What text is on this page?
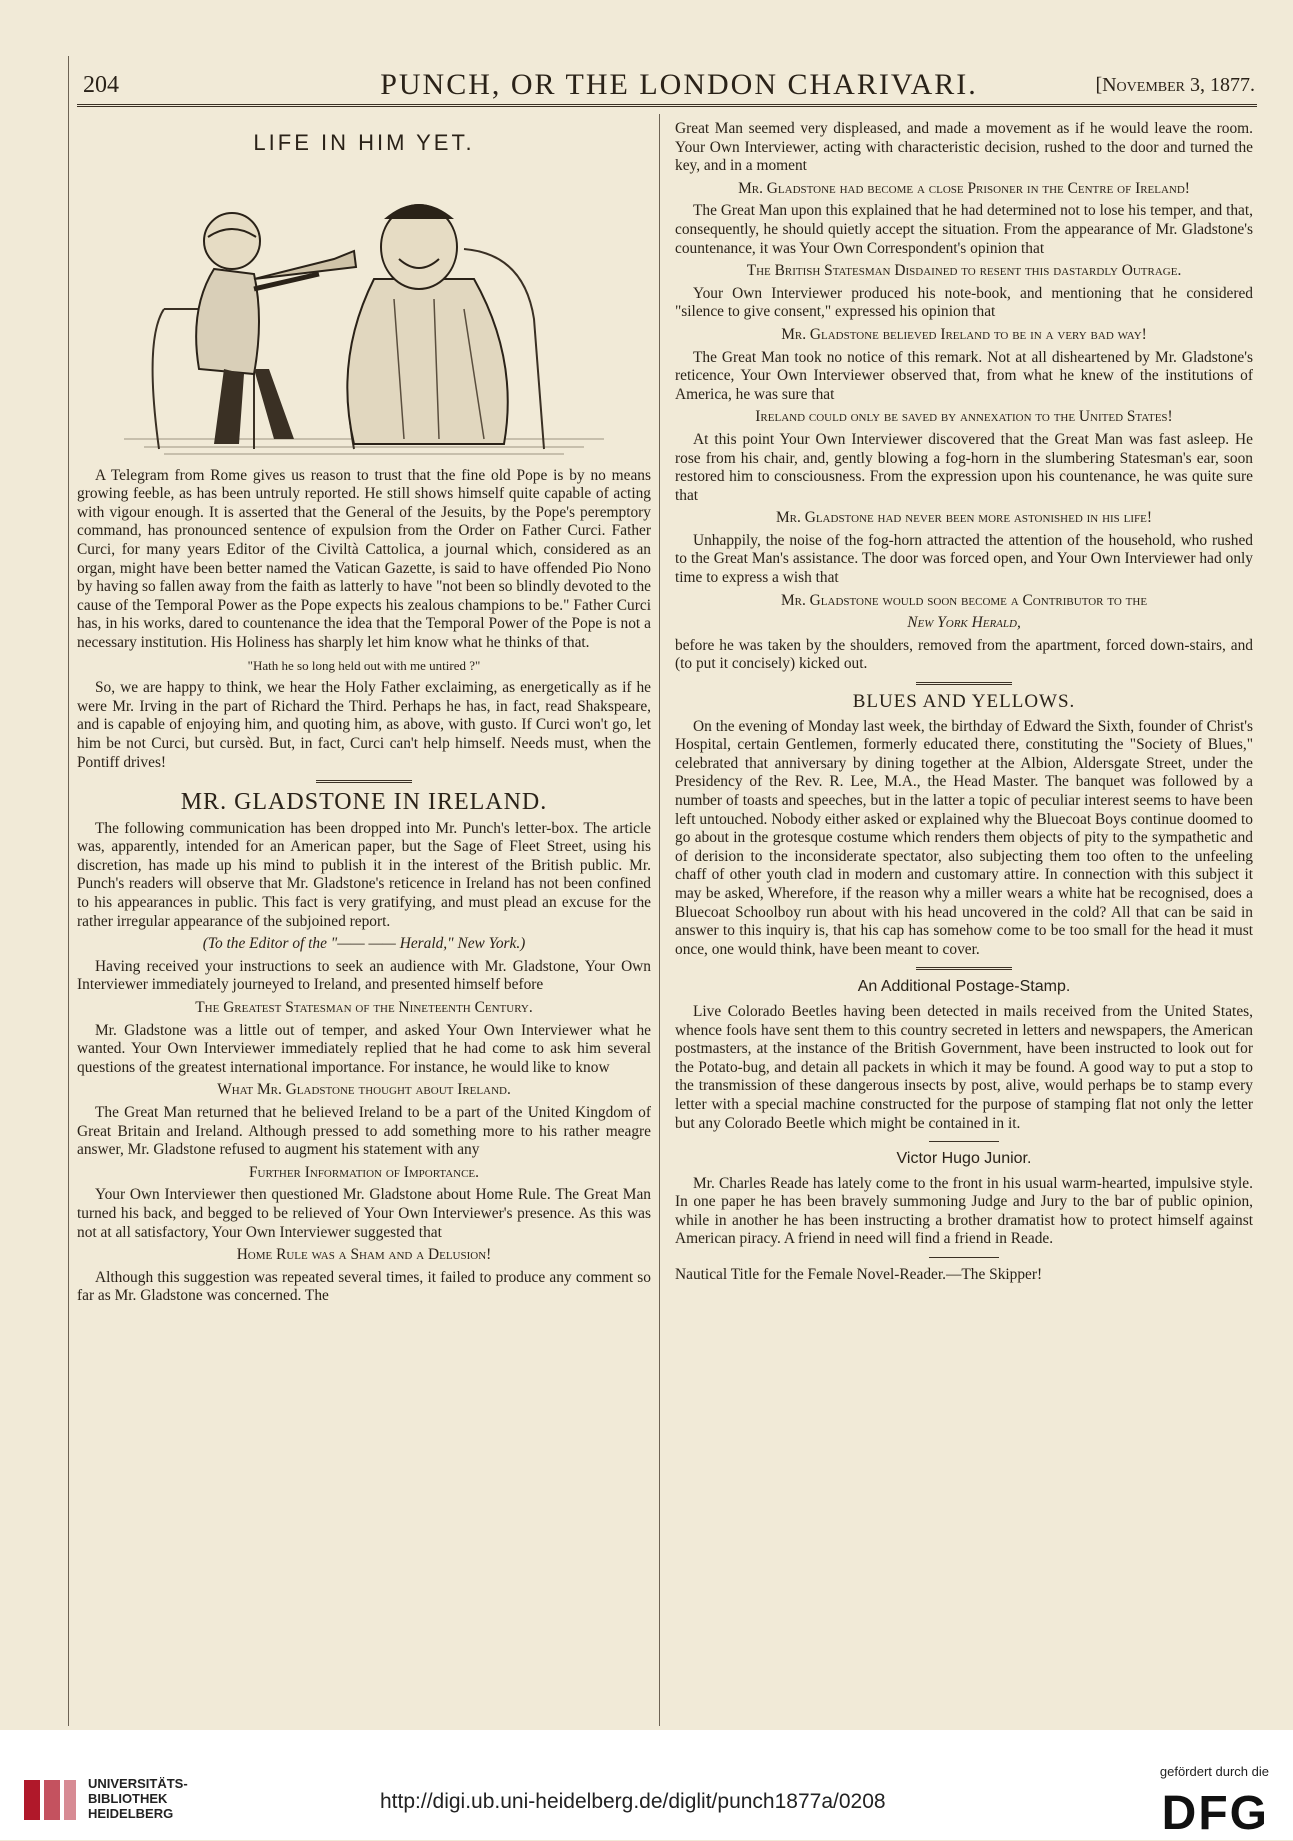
204	PUNCH, OR THE LONDON CHARIVARI.	[November 3, 1877.
LIFE IN HIM YET.

A Telegram from Rome gives us reason to trust that the fine old Pope is by no means growing feeble, as has been untruly reported. He still shows himself quite capable of acting with vigour enough. It is asserted that the General of the Jesuits, by the Pope's peremptory command, has pronounced sentence of expulsion from the Order on Father Curci. Father Curci, for many years Editor of the Civiltà Cattolica, a journal which, considered as an organ, might have been better named the Vatican Gazette, is said to have offended Pio Nono by having so fallen away from the faith as latterly to have "not been so blindly devoted to the cause of the Temporal Power as the Pope expects his zealous champions to be." Father Curci has, in his works, dared to countenance the idea that the Temporal Power of the Pope is not a necessary institution. His Holiness has sharply let him know what he thinks of that.

"Hath he so long held out with me untired ?"

So, we are happy to think, we hear the Holy Father exclaiming, as energetically as if he were Mr. Irving in the part of Richard the Third. Perhaps he has, in fact, read Shakspeare, and is capable of enjoying him, and quoting him, as above, with gusto. If Curci won't go, let him be not Curci, but cursèd. But, in fact, Curci can't help himself. Needs must, when the Pontiff drives!

MR. GLADSTONE IN IRELAND.

The following communication has been dropped into Mr. Punch's letter-box. The article was, apparently, intended for an American paper, but the Sage of Fleet Street, using his discretion, has made up his mind to publish it in the interest of the British public. Mr. Punch's readers will observe that Mr. Gladstone's reticence in Ireland has not been confined to his appearances in public. This fact is very gratifying, and must plead an excuse for the rather irregular appearance of the subjoined report.

(To the Editor of the "—— —— Herald," New York.)

Having received your instructions to seek an audience with Mr. Gladstone, Your Own Interviewer immediately journeyed to Ireland, and presented himself before

The Greatest Statesman of the Nineteenth Century.

Mr. Gladstone was a little out of temper, and asked Your Own Interviewer what he wanted. Your Own Interviewer immediately replied that he had come to ask him several questions of the greatest international importance. For instance, he would like to know

What Mr. Gladstone thought about Ireland.

The Great Man returned that he believed Ireland to be a part of the United Kingdom of Great Britain and Ireland. Although pressed to add something more to his rather meagre answer, Mr. Gladstone refused to augment his statement with any

Further Information of Importance.

Your Own Interviewer then questioned Mr. Gladstone about Home Rule. The Great Man turned his back, and begged to be relieved of Your Own Interviewer's presence. As this was not at all satisfactory, Your Own Interviewer suggested that

Home Rule was a Sham and a Delusion!

Although this suggestion was repeated several times, it failed to produce any comment so far as Mr. Gladstone was concerned. The

Great Man seemed very displeased, and made a movement as if he would leave the room. Your Own Interviewer, acting with characteristic decision, rushed to the door and turned the key, and in a moment

Mr. Gladstone had become a close Prisoner in the Centre of Ireland!

The Great Man upon this explained that he had determined not to lose his temper, and that, consequently, he should quietly accept the situation. From the appearance of Mr. Gladstone's countenance, it was Your Own Correspondent's opinion that

The British Statesman Disdained to resent this dastardly Outrage.

Your Own Interviewer produced his note-book, and mentioning that he considered "silence to give consent," expressed his opinion that

Mr. Gladstone believed Ireland to be in a very bad way!

The Great Man took no notice of this remark. Not at all disheartened by Mr. Gladstone's reticence, Your Own Interviewer observed that, from what he knew of the institutions of America, he was sure that

Ireland could only be saved by annexation to the United States!

At this point Your Own Interviewer discovered that the Great Man was fast asleep. He rose from his chair, and, gently blowing a fog-horn in the slumbering Statesman's ear, soon restored him to consciousness. From the expression upon his countenance, he was quite sure that

Mr. Gladstone had never been more astonished in his life!

Unhappily, the noise of the fog-horn attracted the attention of the household, who rushed to the Great Man's assistance. The door was forced open, and Your Own Interviewer had only time to express a wish that

Mr. Gladstone would soon become a Contributor to the
New York Herald,

before he was taken by the shoulders, removed from the apartment, forced down-stairs, and (to put it concisely) kicked out.

BLUES AND YELLOWS.

On the evening of Monday last week, the birthday of Edward the Sixth, founder of Christ's Hospital, certain Gentlemen, formerly educated there, constituting the "Society of Blues," celebrated that anniversary by dining together at the Albion, Aldersgate Street, under the Presidency of the Rev. R. Lee, M.A., the Head Master. The banquet was followed by a number of toasts and speeches, but in the latter a topic of peculiar interest seems to have been left untouched. Nobody either asked or explained why the Bluecoat Boys continue doomed to go about in the grotesque costume which renders them objects of pity to the sympathetic and of derision to the inconsiderate spectator, also subjecting them too often to the unfeeling chaff of other youth clad in modern and customary attire. In connection with this subject it may be asked, Wherefore, if the reason why a miller wears a white hat be recognised, does a Bluecoat Schoolboy run about with his head uncovered in the cold? All that can be said in answer to this inquiry is, that his cap has somehow come to be too small for the head it must once, one would think, have been meant to cover.

An Additional Postage-Stamp.

Live Colorado Beetles having been detected in mails received from the United States, whence fools have sent them to this country secreted in letters and newspapers, the American postmasters, at the instance of the British Government, have been instructed to look out for the Potato-bug, and detain all packets in which it may be found. A good way to put a stop to the transmission of these dangerous insects by post, alive, would perhaps be to stamp every letter with a special machine constructed for the purpose of stamping flat not only the letter but any Colorado Beetle which might be contained in it.

Victor Hugo Junior.

Mr. Charles Reade has lately come to the front in his usual warm-hearted, impulsive style. In one paper he has been bravely summoning Judge and Jury to the bar of public opinion, while in another he has been instructing a brother dramatist how to protect himself against American piracy. A friend in need will find a friend in Reade.

Nautical Title for the Female Novel-Reader.—The Skipper!

UNIVERSITÄTS-
BIBLIOTHEK
HEIDELBERG
http://digi.ub.uni-heidelberg.de/diglit/punch1877a/0208
gefördert durch die
DFG
